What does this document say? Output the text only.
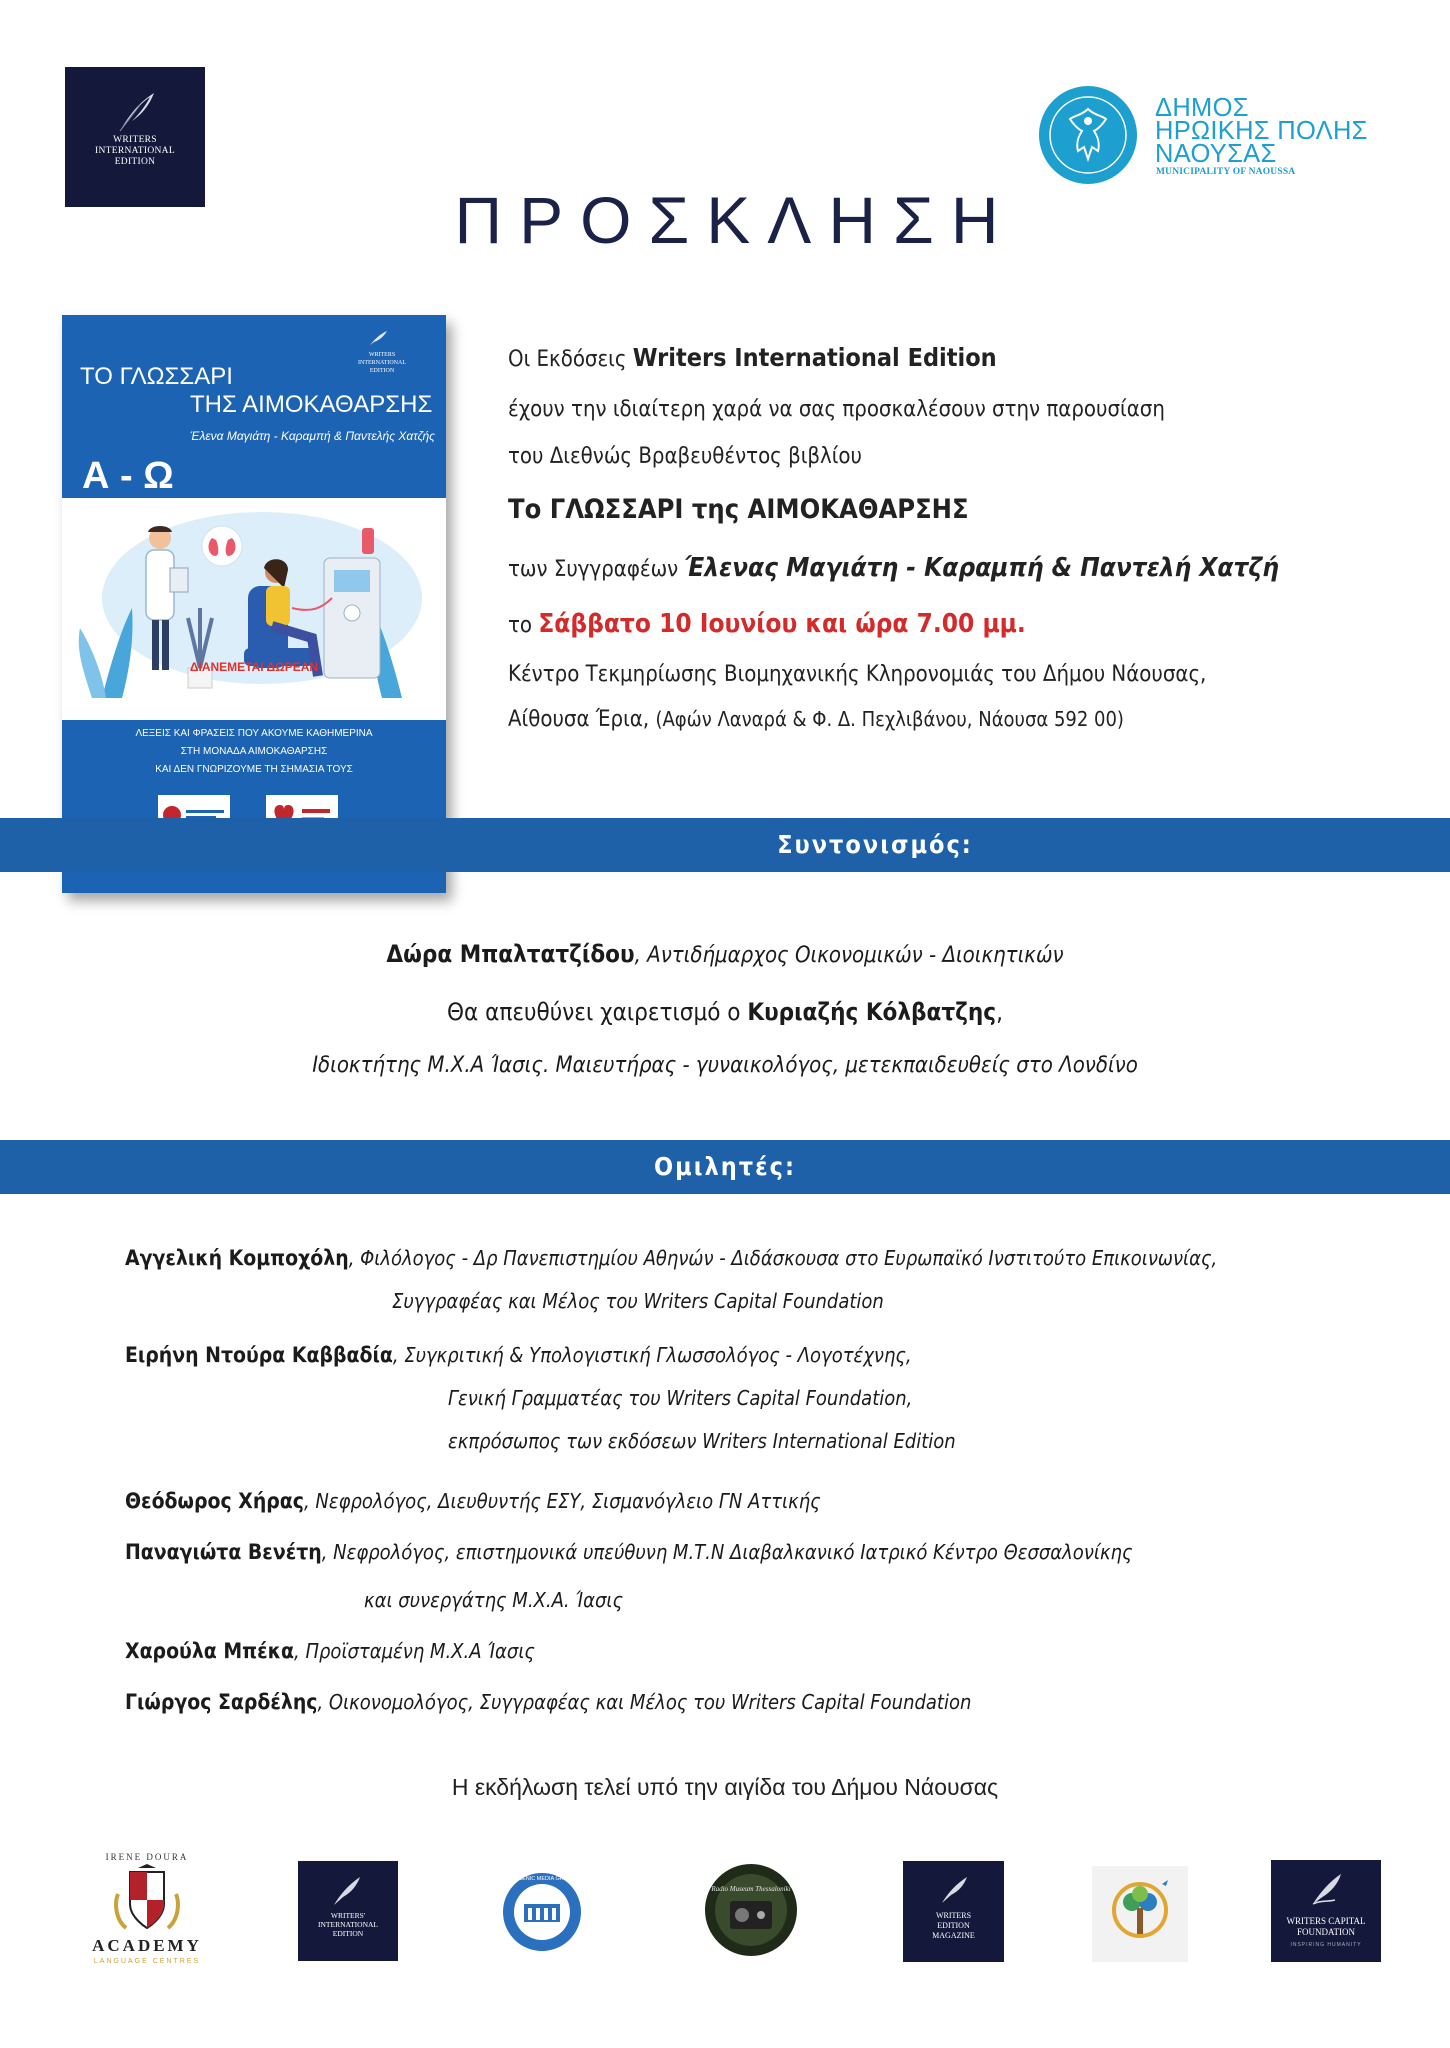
WRITERS
INTERNATIONAL
EDITION
ΠΡΟΣΚΛΗΣΗ
ΔΗΜΟΣ
ΗΡΩΙΚΗΣ ΠΟΛΗΣ
ΝΑΟΥΣΑΣ
MUNICIPALITY OF NAOUSSA
WRITERS
INTERNATIONAL
EDITION
ΤΟ ΓΛΩΣΣΑΡΙ
ΤΗΣ ΑΙΜΟΚΑΘΑΡΣΗΣ
Έλενα Μαγιάτη - Καραμπή & Παντελής Χατζής
Α - Ω
ΔΙΑΝΕΜΕΤΑΙ ΔΩΡΕΑΝ
ΛΕΞΕΙΣ ΚΑΙ ΦΡΑΣΕΙΣ ΠΟΥ ΑΚΟΥΜΕ ΚΑΘΗΜΕΡΙΝΑ
ΣΤΗ ΜΟΝΑΔΑ ΑΙΜΟΚΑΘΑΡΣΗΣ
ΚΑΙ ΔΕΝ ΓΝΩΡΙΖΟΥΜΕ ΤΗ ΣΗΜΑΣΙΑ ΤΟΥΣ
Οι Εκδόσεις Writers International Edition
έχουν την ιδιαίτερη χαρά να σας προσκαλέσουν στην παρουσίαση
του Διεθνώς Βραβευθέντος βιβλίου
Το ΓΛΩΣΣΑΡΙ της ΑΙΜΟΚΑΘΑΡΣΗΣ
των Συγγραφέων Έλενας Μαγιάτη - Καραμπή & Παντελή Χατζή
το Σάββατο 10 Ιουνίου και ώρα 7.00 μμ.
Κέντρο Τεκμηρίωσης Βιομηχανικής Κληρονομιάς του Δήμου Νάουσας,
Αίθουσα Έρια, (Αφών Λαναρά & Φ. Δ. Πεχλιβάνου, Νάουσα 592 00)
Συντονισμός:
Δώρα Μπαλτατζίδου, Αντιδήμαρχος Οικονομικών - Διοικητικών
Θα απευθύνει χαιρετισμό ο Κυριαζής Κόλβατζης,
Ιδιοκτήτης Μ.Χ.Α Ίασις. Μαιευτήρας - γυναικολόγος, μετεκπαιδευθείς στο Λονδίνο
Ομιλητές:
Αγγελική Κομποχόλη, Φιλόλογος - Δρ Πανεπιστημίου Αθηνών - Διδάσκουσα στο Ευρωπαϊκό Ινστιτούτο Επικοινωνίας,
Συγγραφέας και Μέλος του Writers Capital Foundation
Ειρήνη Ντούρα Καββαδία, Συγκριτική & Υπολογιστική Γλωσσολόγος - Λογοτέχνης,
Γενική Γραμματέας του Writers Capital Foundation,
εκπρόσωπος των εκδόσεων Writers International Edition
Θεόδωρος Χήρας, Νεφρολόγος, Διευθυντής ΕΣΥ, Σισμανόγλειο ΓΝ Αττικής
Παναγιώτα Βενέτη, Νεφρολόγος, επιστημονικά υπεύθυνη Μ.Τ.Ν Διαβαλκανικό Ιατρικό Κέντρο Θεσσαλονίκης
και συνεργάτης Μ.Χ.Α. Ίασις
Χαρούλα Μπέκα, Προϊσταμένη Μ.Χ.Α Ίασις
Γιώργος Σαρδέλης, Οικονομολόγος, Συγγραφέας και Μέλος του Writers Capital Foundation
Η εκδήλωση τελεί υπό την αιγίδα του Δήμου Νάουσας
IRENE DOURA
ACADEMY
LANGUAGE CENTRES
WRITERS'
INTERNATIONAL
EDITION
HELLENIC MEDIA GROUP
Radio Museum Thessaloniki
WRITERS
EDITION
MAGAZINE
WRITERS CAPITAL
FOUNDATION
INSPIRING HUMANITY
